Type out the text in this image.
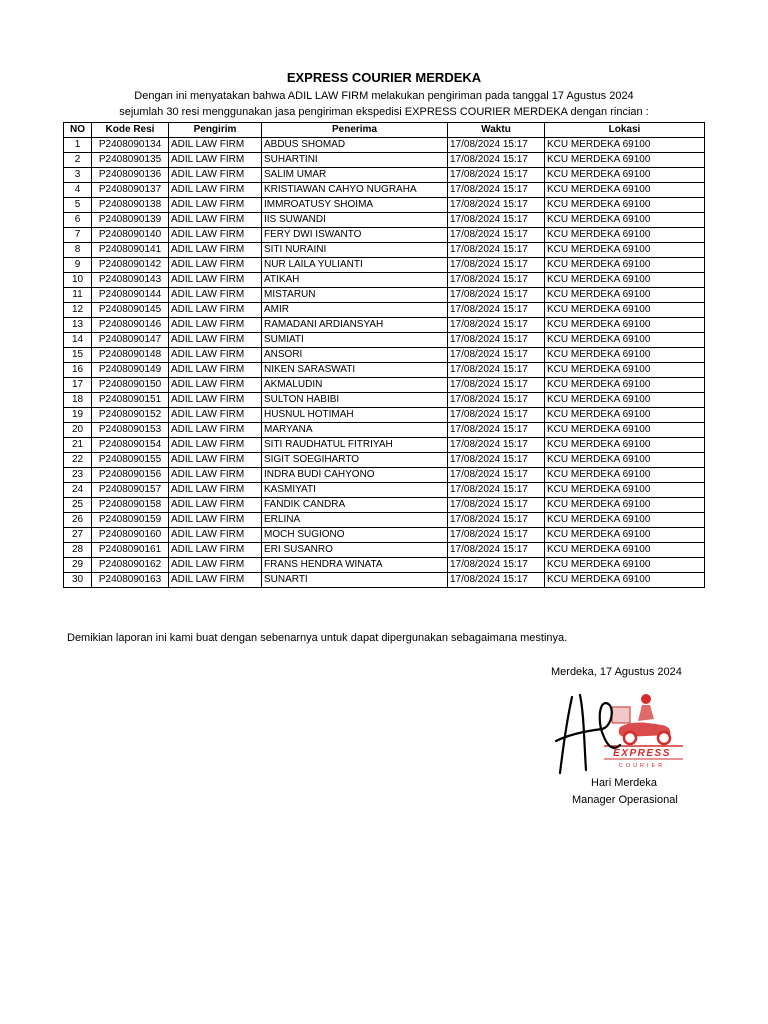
EXPRESS COURIER MERDEKA
Dengan ini menyatakan bahwa ADIL LAW FIRM melakukan pengiriman pada tanggal 17 Agustus 2024
sejumlah 30 resi menggunakan jasa pengiriman ekspedisi EXPRESS COURIER MERDEKA dengan rincian :
NO	Kode Resi	Pengirim	Penerima	Waktu	Lokasi
1	P2408090134	ADIL LAW FIRM	ABDUS SHOMAD	17/08/2024 15:17	KCU MERDEKA 69100
2	P2408090135	ADIL LAW FIRM	SUHARTINI	17/08/2024 15:17	KCU MERDEKA 69100
3	P2408090136	ADIL LAW FIRM	SALIM UMAR	17/08/2024 15:17	KCU MERDEKA 69100
4	P2408090137	ADIL LAW FIRM	KRISTIAWAN CAHYO NUGRAHA	17/08/2024 15:17	KCU MERDEKA 69100
5	P2408090138	ADIL LAW FIRM	IMMROATUSY SHOIMA	17/08/2024 15:17	KCU MERDEKA 69100
6	P2408090139	ADIL LAW FIRM	IIS SUWANDI	17/08/2024 15:17	KCU MERDEKA 69100
7	P2408090140	ADIL LAW FIRM	FERY DWI ISWANTO	17/08/2024 15:17	KCU MERDEKA 69100
8	P2408090141	ADIL LAW FIRM	SITI NURAINI	17/08/2024 15:17	KCU MERDEKA 69100
9	P2408090142	ADIL LAW FIRM	NUR LAILA YULIANTI	17/08/2024 15:17	KCU MERDEKA 69100
10	P2408090143	ADIL LAW FIRM	ATIKAH	17/08/2024 15:17	KCU MERDEKA 69100
11	P2408090144	ADIL LAW FIRM	MISTARUN	17/08/2024 15:17	KCU MERDEKA 69100
12	P2408090145	ADIL LAW FIRM	AMIR	17/08/2024 15:17	KCU MERDEKA 69100
13	P2408090146	ADIL LAW FIRM	RAMADANI ARDIANSYAH	17/08/2024 15:17	KCU MERDEKA 69100
14	P2408090147	ADIL LAW FIRM	SUMIATI	17/08/2024 15:17	KCU MERDEKA 69100
15	P2408090148	ADIL LAW FIRM	ANSORI	17/08/2024 15:17	KCU MERDEKA 69100
16	P2408090149	ADIL LAW FIRM	NIKEN SARASWATI	17/08/2024 15:17	KCU MERDEKA 69100
17	P2408090150	ADIL LAW FIRM	AKMALUDIN	17/08/2024 15:17	KCU MERDEKA 69100
18	P2408090151	ADIL LAW FIRM	SULTON HABIBI	17/08/2024 15:17	KCU MERDEKA 69100
19	P2408090152	ADIL LAW FIRM	HUSNUL HOTIMAH	17/08/2024 15:17	KCU MERDEKA 69100
20	P2408090153	ADIL LAW FIRM	MARYANA	17/08/2024 15:17	KCU MERDEKA 69100
21	P2408090154	ADIL LAW FIRM	SITI RAUDHATUL FITRIYAH	17/08/2024 15:17	KCU MERDEKA 69100
22	P2408090155	ADIL LAW FIRM	SIGIT SOEGIHARTO	17/08/2024 15:17	KCU MERDEKA 69100
23	P2408090156	ADIL LAW FIRM	INDRA BUDI CAHYONO	17/08/2024 15:17	KCU MERDEKA 69100
24	P2408090157	ADIL LAW FIRM	KASMIYATI	17/08/2024 15:17	KCU MERDEKA 69100
25	P2408090158	ADIL LAW FIRM	FANDIK CANDRA	17/08/2024 15:17	KCU MERDEKA 69100
26	P2408090159	ADIL LAW FIRM	ERLINA	17/08/2024 15:17	KCU MERDEKA 69100
27	P2408090160	ADIL LAW FIRM	MOCH SUGIONO	17/08/2024 15:17	KCU MERDEKA 69100
28	P2408090161	ADIL LAW FIRM	ERI SUSANRO	17/08/2024 15:17	KCU MERDEKA 69100
29	P2408090162	ADIL LAW FIRM	FRANS HENDRA WINATA	17/08/2024 15:17	KCU MERDEKA 69100
30	P2408090163	ADIL LAW FIRM	SUNARTI	17/08/2024 15:17	KCU MERDEKA 69100
Demikian laporan ini kami buat dengan sebenarnya untuk dapat dipergunakan sebagaimana mestinya.
Merdeka, 17 Agustus 2024
EXPRESS
COURIER
Hari Merdeka
Manager Operasional
